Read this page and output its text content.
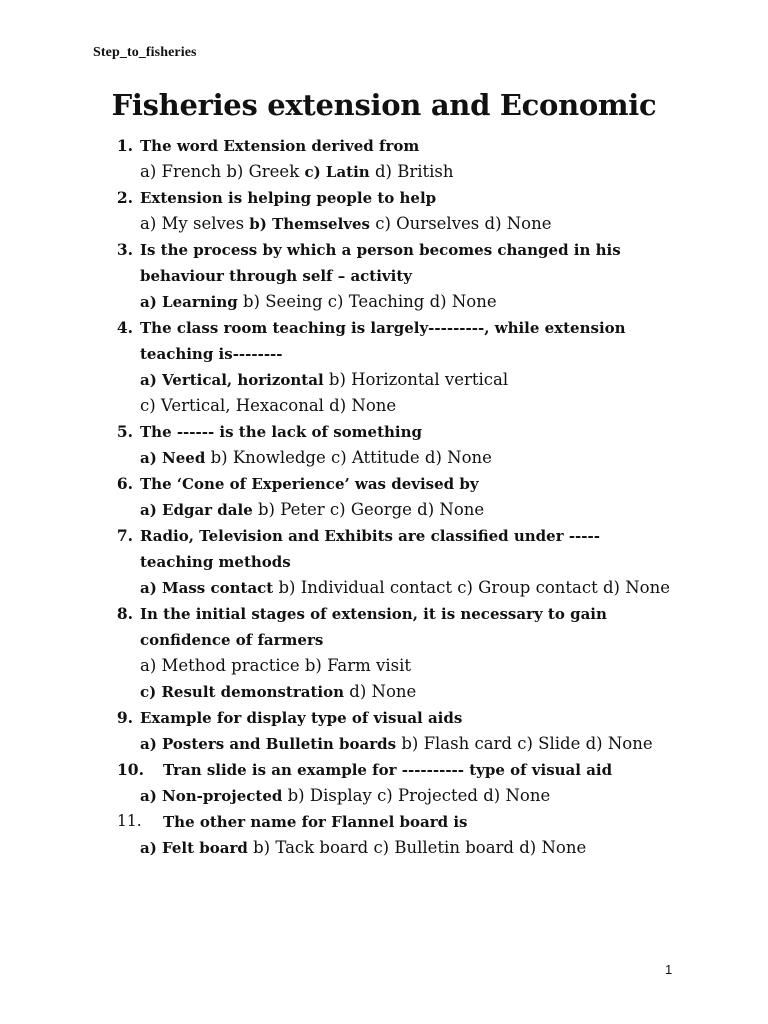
Step_to_fisheries
Fisheries extension and Economic
1. The word Extension derived from
a) French b) Greek c) Latin d) British
2. Extension is helping people to help
a) My selves b) Themselves c) Ourselves d) None
3. Is the process by which a person becomes changed in his
behaviour through self – activity
a) Learning b) Seeing c) Teaching d) None
4. The class room teaching is largely---------, while extension
teaching is--------
a) Vertical, horizontal b) Horizontal vertical
c) Vertical, Hexaconal d) None
5. The ------ is the lack of something
a) Need b) Knowledge c) Attitude d) None
6. The ‘Cone of Experience’ was devised by
a) Edgar dale b) Peter c) George d) None
7. Radio, Television and Exhibits are classified under -----
teaching methods
a) Mass contact b) Individual contact c) Group contact d) None
8. In the initial stages of extension, it is necessary to gain
confidence of farmers
a) Method practice b) Farm visit
c) Result demonstration d) None
9. Example for display type of visual aids
a) Posters and Bulletin boards b) Flash card c) Slide d) None
10. Tran slide is an example for ---------- type of visual aid
a) Non-projected b) Display c) Projected d) None
11. The other name for Flannel board is
a) Felt board b) Tack board c) Bulletin board d) None
1
